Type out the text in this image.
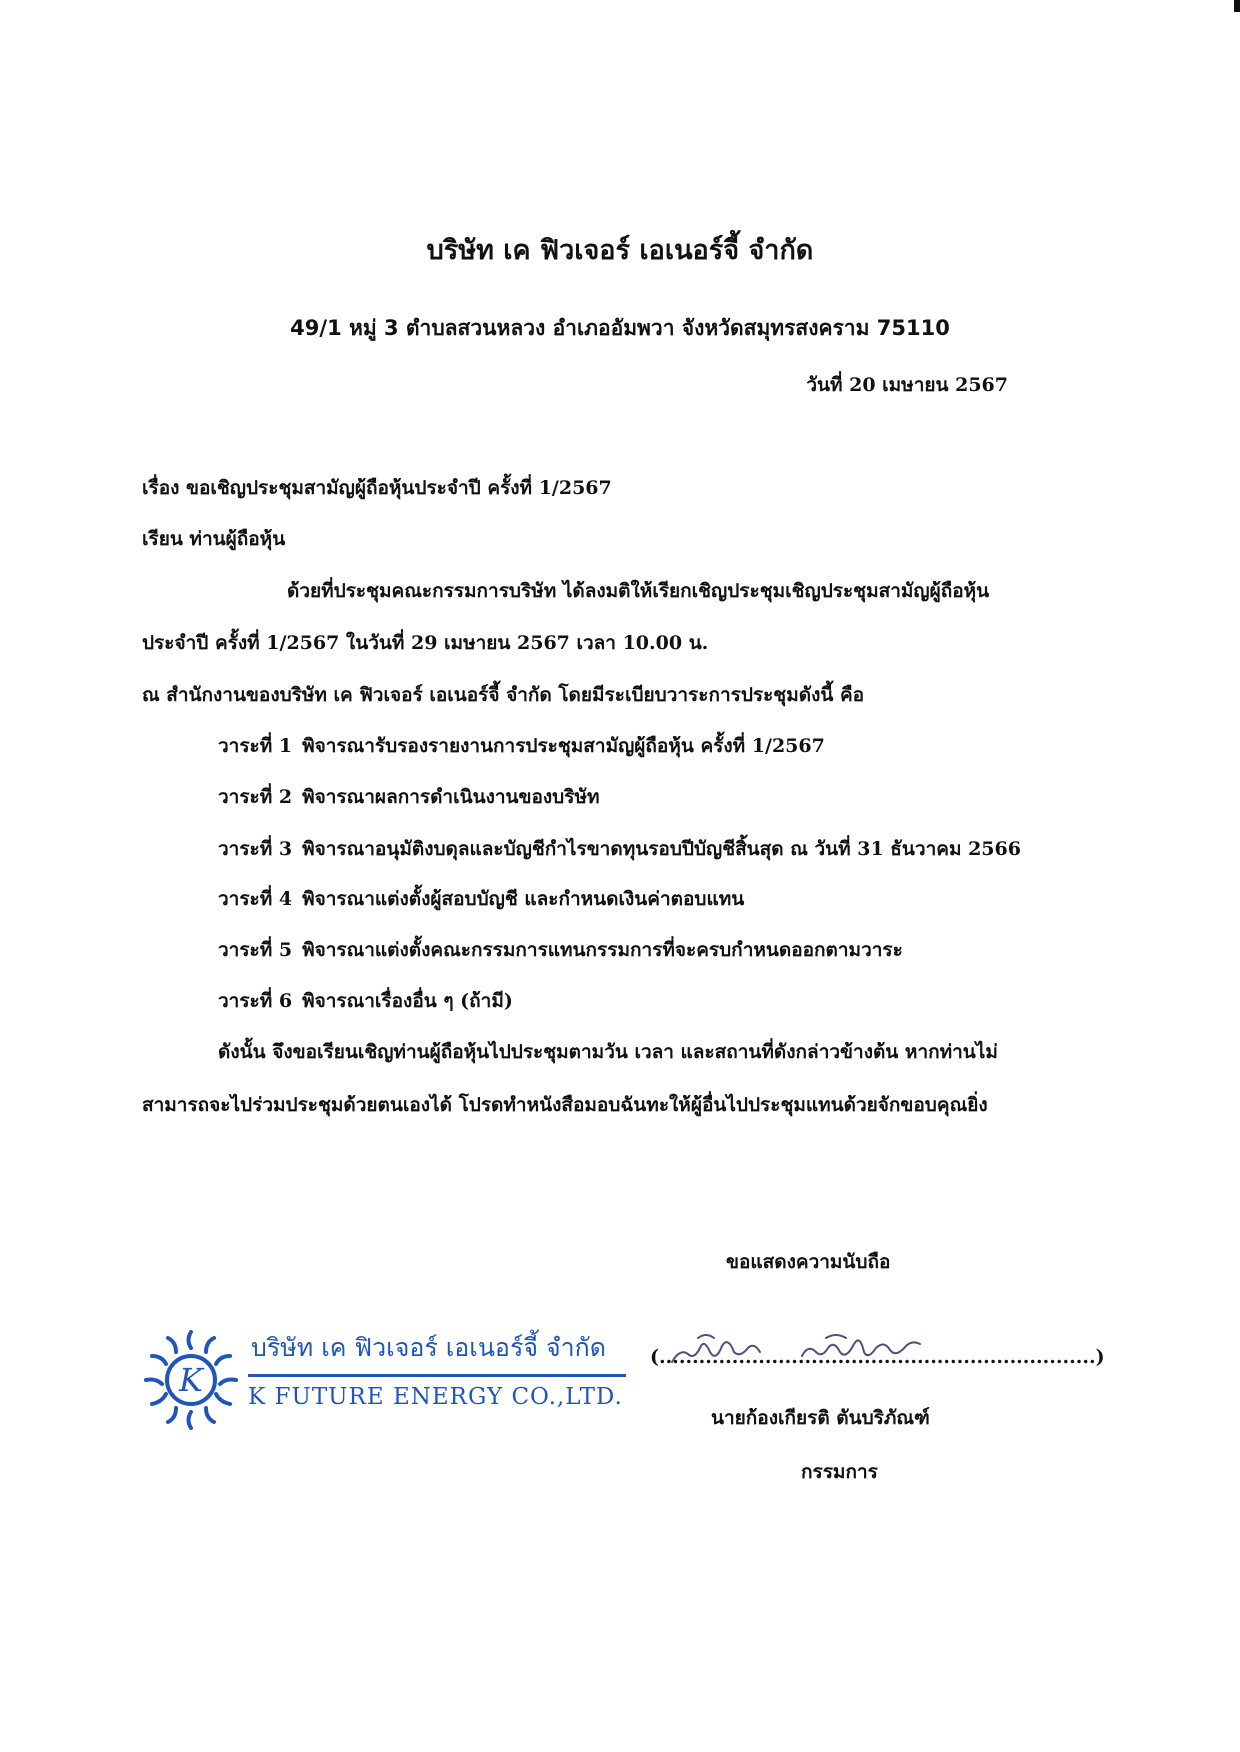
บริษัท เค ฟิวเจอร์ เอเนอร์จี้ จำกัด
49/1 หมู่ 3 ตำบลสวนหลวง อำเภออัมพวา จังหวัดสมุทรสงคราม 75110
วันที่ 20 เมษายน 2567
เรื่อง ขอเชิญประชุมสามัญผู้ถือหุ้นประจำปี ครั้งที่ 1/2567
เรียน ท่านผู้ถือหุ้น
ด้วยที่ประชุมคณะกรรมการบริษัท ได้ลงมติให้เรียกเชิญประชุมเชิญประชุมสามัญผู้ถือหุ้น
ประจำปี ครั้งที่ 1/2567 ในวันที่ 29 เมษายน 2567 เวลา 10.00 น.
ณ สำนักงานของบริษัท เค ฟิวเจอร์ เอเนอร์จี้ จำกัด โดยมีระเบียบวาระการประชุมดังนี้ คือ
วาระที่ 1 พิจารณารับรองรายงานการประชุมสามัญผู้ถือหุ้น ครั้งที่ 1/2567
วาระที่ 2 พิจารณาผลการดำเนินงานของบริษัท
วาระที่ 3 พิจารณาอนุมัติงบดุลและบัญชีกำไรขาดทุนรอบปีบัญชีสิ้นสุด ณ วันที่ 31 ธันวาคม 2566
วาระที่ 4 พิจารณาแต่งตั้งผู้สอบบัญชี และกำหนดเงินค่าตอบแทน
วาระที่ 5 พิจารณาแต่งตั้งคณะกรรมการแทนกรรมการที่จะครบกำหนดออกตามวาระ
วาระที่ 6 พิจารณาเรื่องอื่น ๆ (ถ้ามี)
ดังนั้น จึงขอเรียนเชิญท่านผู้ถือหุ้นไปประชุมตามวัน เวลา และสถานที่ดังกล่าวข้างต้น หากท่านไม่
สามารถจะไปร่วมประชุมด้วยตนเองได้ โปรดทำหนังสือมอบฉันทะให้ผู้อื่นไปประชุมแทนด้วยจักขอบคุณยิ่ง
ขอแสดงความนับถือ
K
บริษัท เค ฟิวเจอร์ เอเนอร์จี้ จำกัด
K FUTURE ENERGY CO.,LTD.
(..................................................................)
นายก้องเกียรติ ตันบริภัณฑ์
กรรมการ
